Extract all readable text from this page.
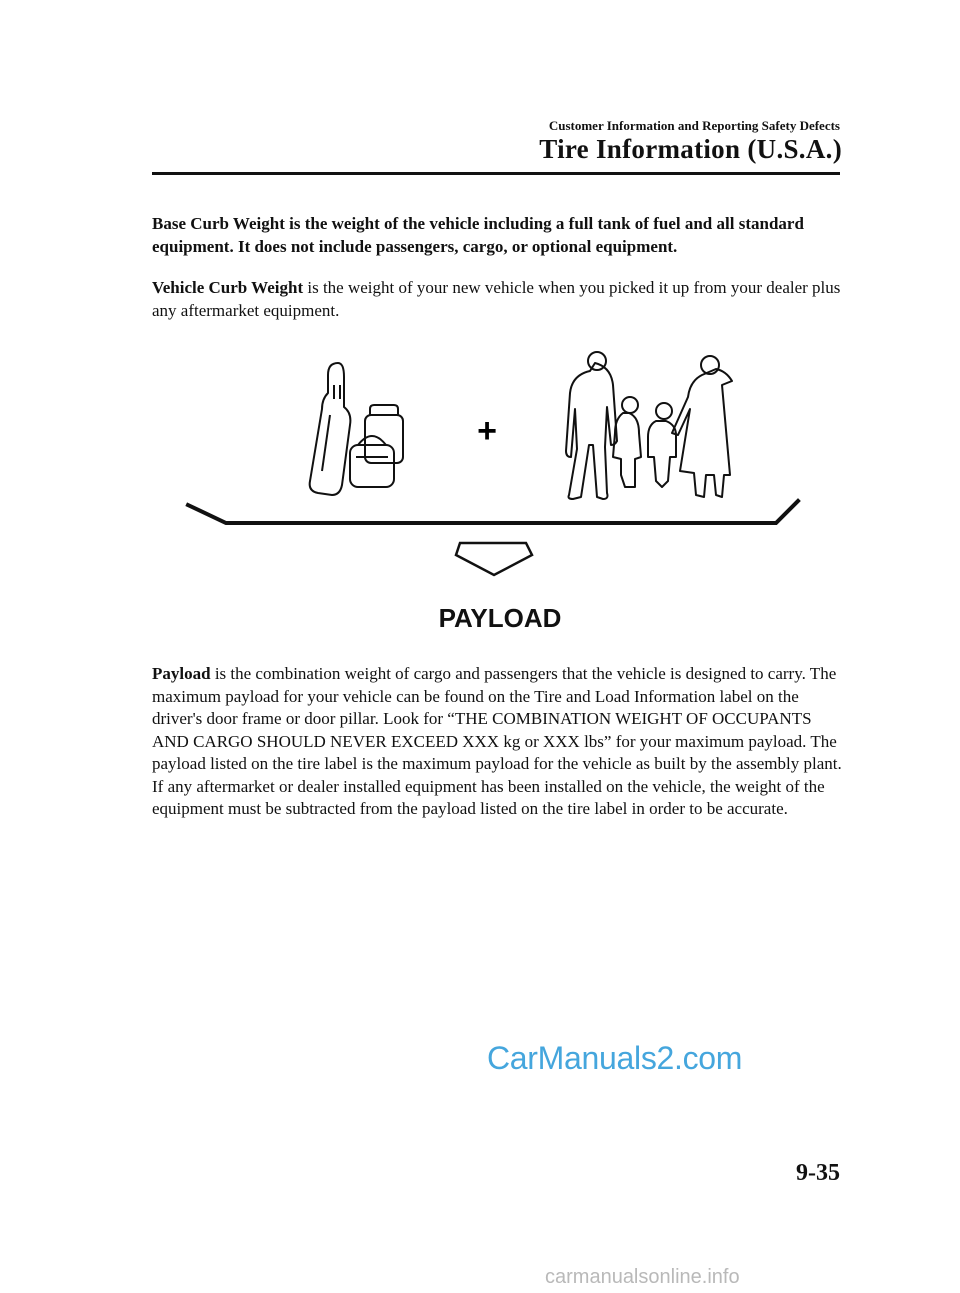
Customer Information and Reporting Safety Defects
Tire Information (U.S.A.)

Base Curb Weight is the weight of the vehicle including a full tank of fuel and all standard equipment. It does not include passengers, cargo, or optional equipment.

Vehicle Curb Weight is the weight of your new vehicle when you picked it up from your dealer plus any aftermarket equipment.

+
PAYLOAD

Payload is the combination weight of cargo and passengers that the vehicle is designed to carry. The maximum payload for your vehicle can be found on the Tire and Load Information label on the driver's door frame or door pillar. Look for “THE COMBINATION WEIGHT OF OCCUPANTS AND CARGO SHOULD NEVER EXCEED XXX kg or XXX lbs” for your maximum payload. The payload listed on the tire label is the maximum payload for the vehicle as built by the assembly plant. If any aftermarket or dealer installed equipment has been installed on the vehicle, the weight of the equipment must be subtracted from the payload listed on the tire label in order to be accurate.

CarManuals2.com
9-35
carmanualsonline.info
